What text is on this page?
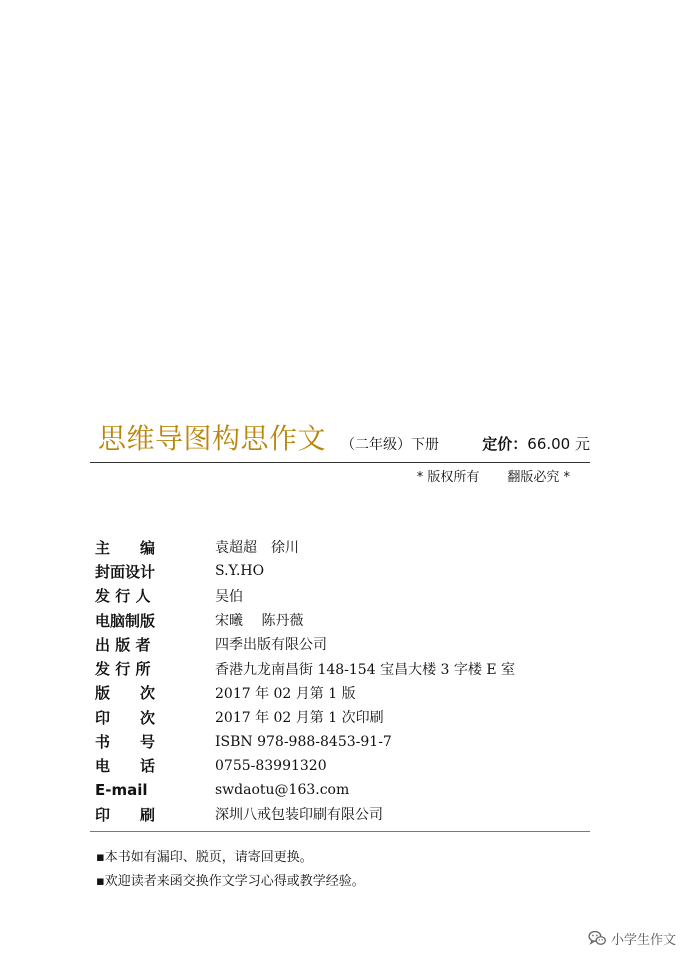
思维导图构思作文 （二年级）下册	定价：66.00 元
* 版权所有 翻版必究 *
主　　编	袁超超　徐川
封面设计	S.Y.HO
发 行 人	吴伯
电脑制版	宋曦　 陈丹薇
出 版 者	四季出版有限公司
发 行 所	香港九龙南昌街 148-154 宝昌大楼 3 字楼 E 室
版　　次	2017 年 02 月第 1 版
印　　次	2017 年 02 月第 1 次印刷
书　　号	ISBN 978-988-8453-91-7
电　　话	0755-83991320
E-mail	swdaotu@163.com
印　　刷	深圳八戒包装印刷有限公司
▪本书如有漏印、脱页，请寄回更换。
▪欢迎读者来函交换作文学习心得或教学经验。
小学生作文
